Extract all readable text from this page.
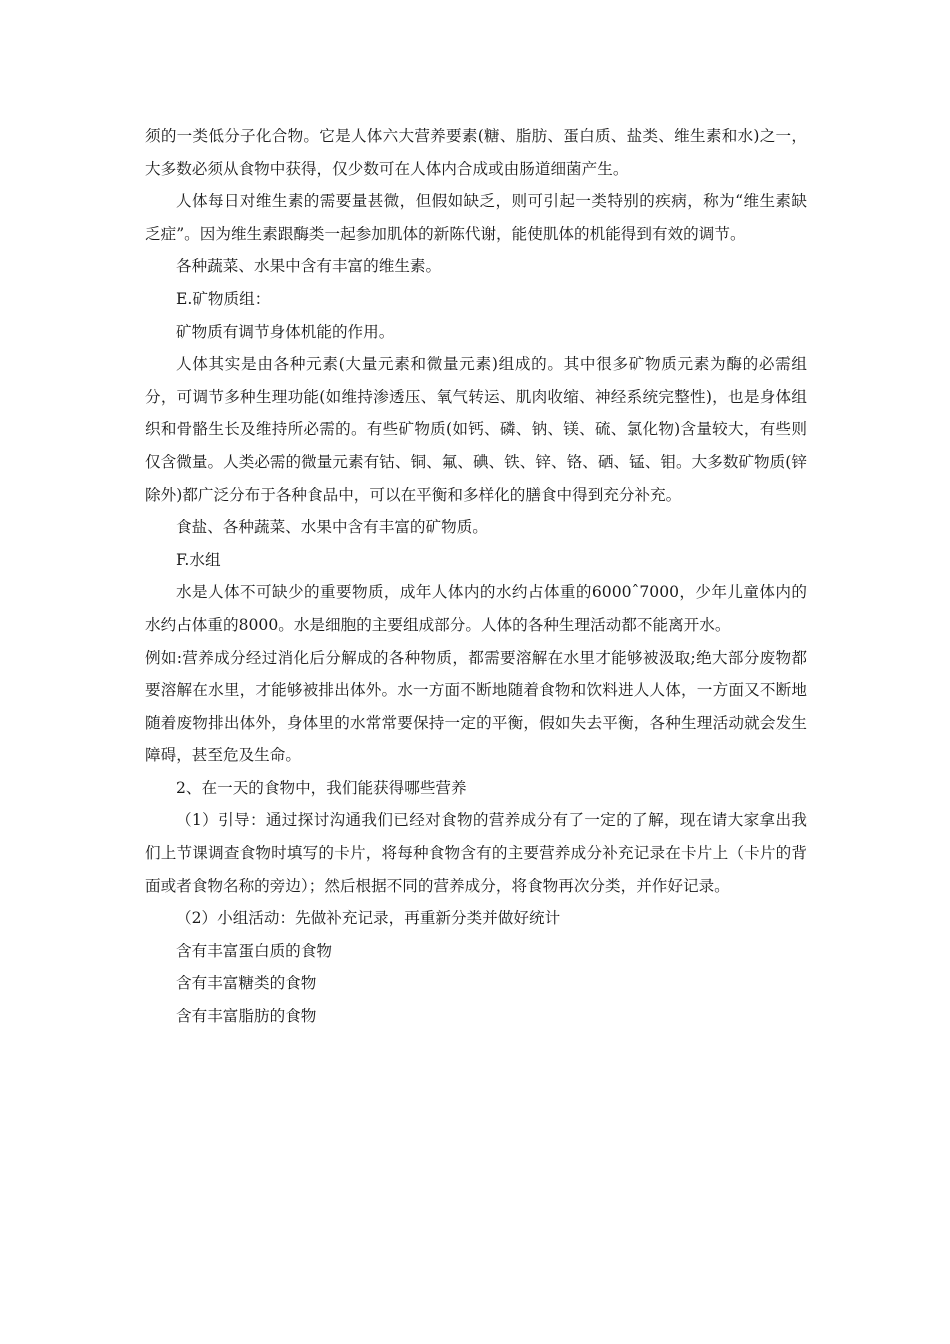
须的一类低分子化合物。它是人体六大营养要素(糖、脂肪、蛋白质、盐类、维生素和水)之一，大多数必须从食物中获得，仅少数可在人体内合成或由肠道细菌产生。

人体每日对维生素的需要量甚微，但假如缺乏，则可引起一类特别的疾病，称为“维生素缺乏症”。因为维生素跟酶类一起参加肌体的新陈代谢，能使肌体的机能得到有效的调节。

各种蔬菜、水果中含有丰富的维生素。

E.矿物质组：

矿物质有调节身体机能的作用。

人体其实是由各种元素(大量元素和微量元素)组成的。其中很多矿物质元素为酶的必需组分，可调节多种生理功能(如维持渗透压、氧气转运、肌肉收缩、神经系统完整性)，也是身体组织和骨骼生长及维持所必需的。有些矿物质(如钙、磷、钠、镁、硫、氯化物)含量较大，有些则仅含微量。人类必需的微量元素有钴、铜、氟、碘、铁、锌、铬、硒、锰、钼。大多数矿物质(锌除外)都广泛分布于各种食品中，可以在平衡和多样化的膳食中得到充分补充。

食盐、各种蔬菜、水果中含有丰富的矿物质。

F.水组

水是人体不可缺少的重要物质，成年人体内的水约占体重的6000ˆ7000，少年儿童体内的水约占体重的8000。水是细胞的主要组成部分。人体的各种生理活动都不能离开水。

例如:营养成分经过消化后分解成的各种物质，都需要溶解在水里才能够被汲取;绝大部分废物都要溶解在水里，才能够被排出体外。水一方面不断地随着食物和饮料进人人体，一方面又不断地随着废物排出体外，身体里的水常常要保持一定的平衡，假如失去平衡，各种生理活动就会发生障碍，甚至危及生命。

2、在一天的食物中，我们能获得哪些营养

（1）引导：通过探讨沟通我们已经对食物的营养成分有了一定的了解，现在请大家拿出我们上节课调查食物时填写的卡片，将每种食物含有的主要营养成分补充记录在卡片上（卡片的背面或者食物名称的旁边）；然后根据不同的营养成分，将食物再次分类，并作好记录。

（2）小组活动：先做补充记录，再重新分类并做好统计

含有丰富蛋白质的食物

含有丰富糖类的食物

含有丰富脂肪的食物
